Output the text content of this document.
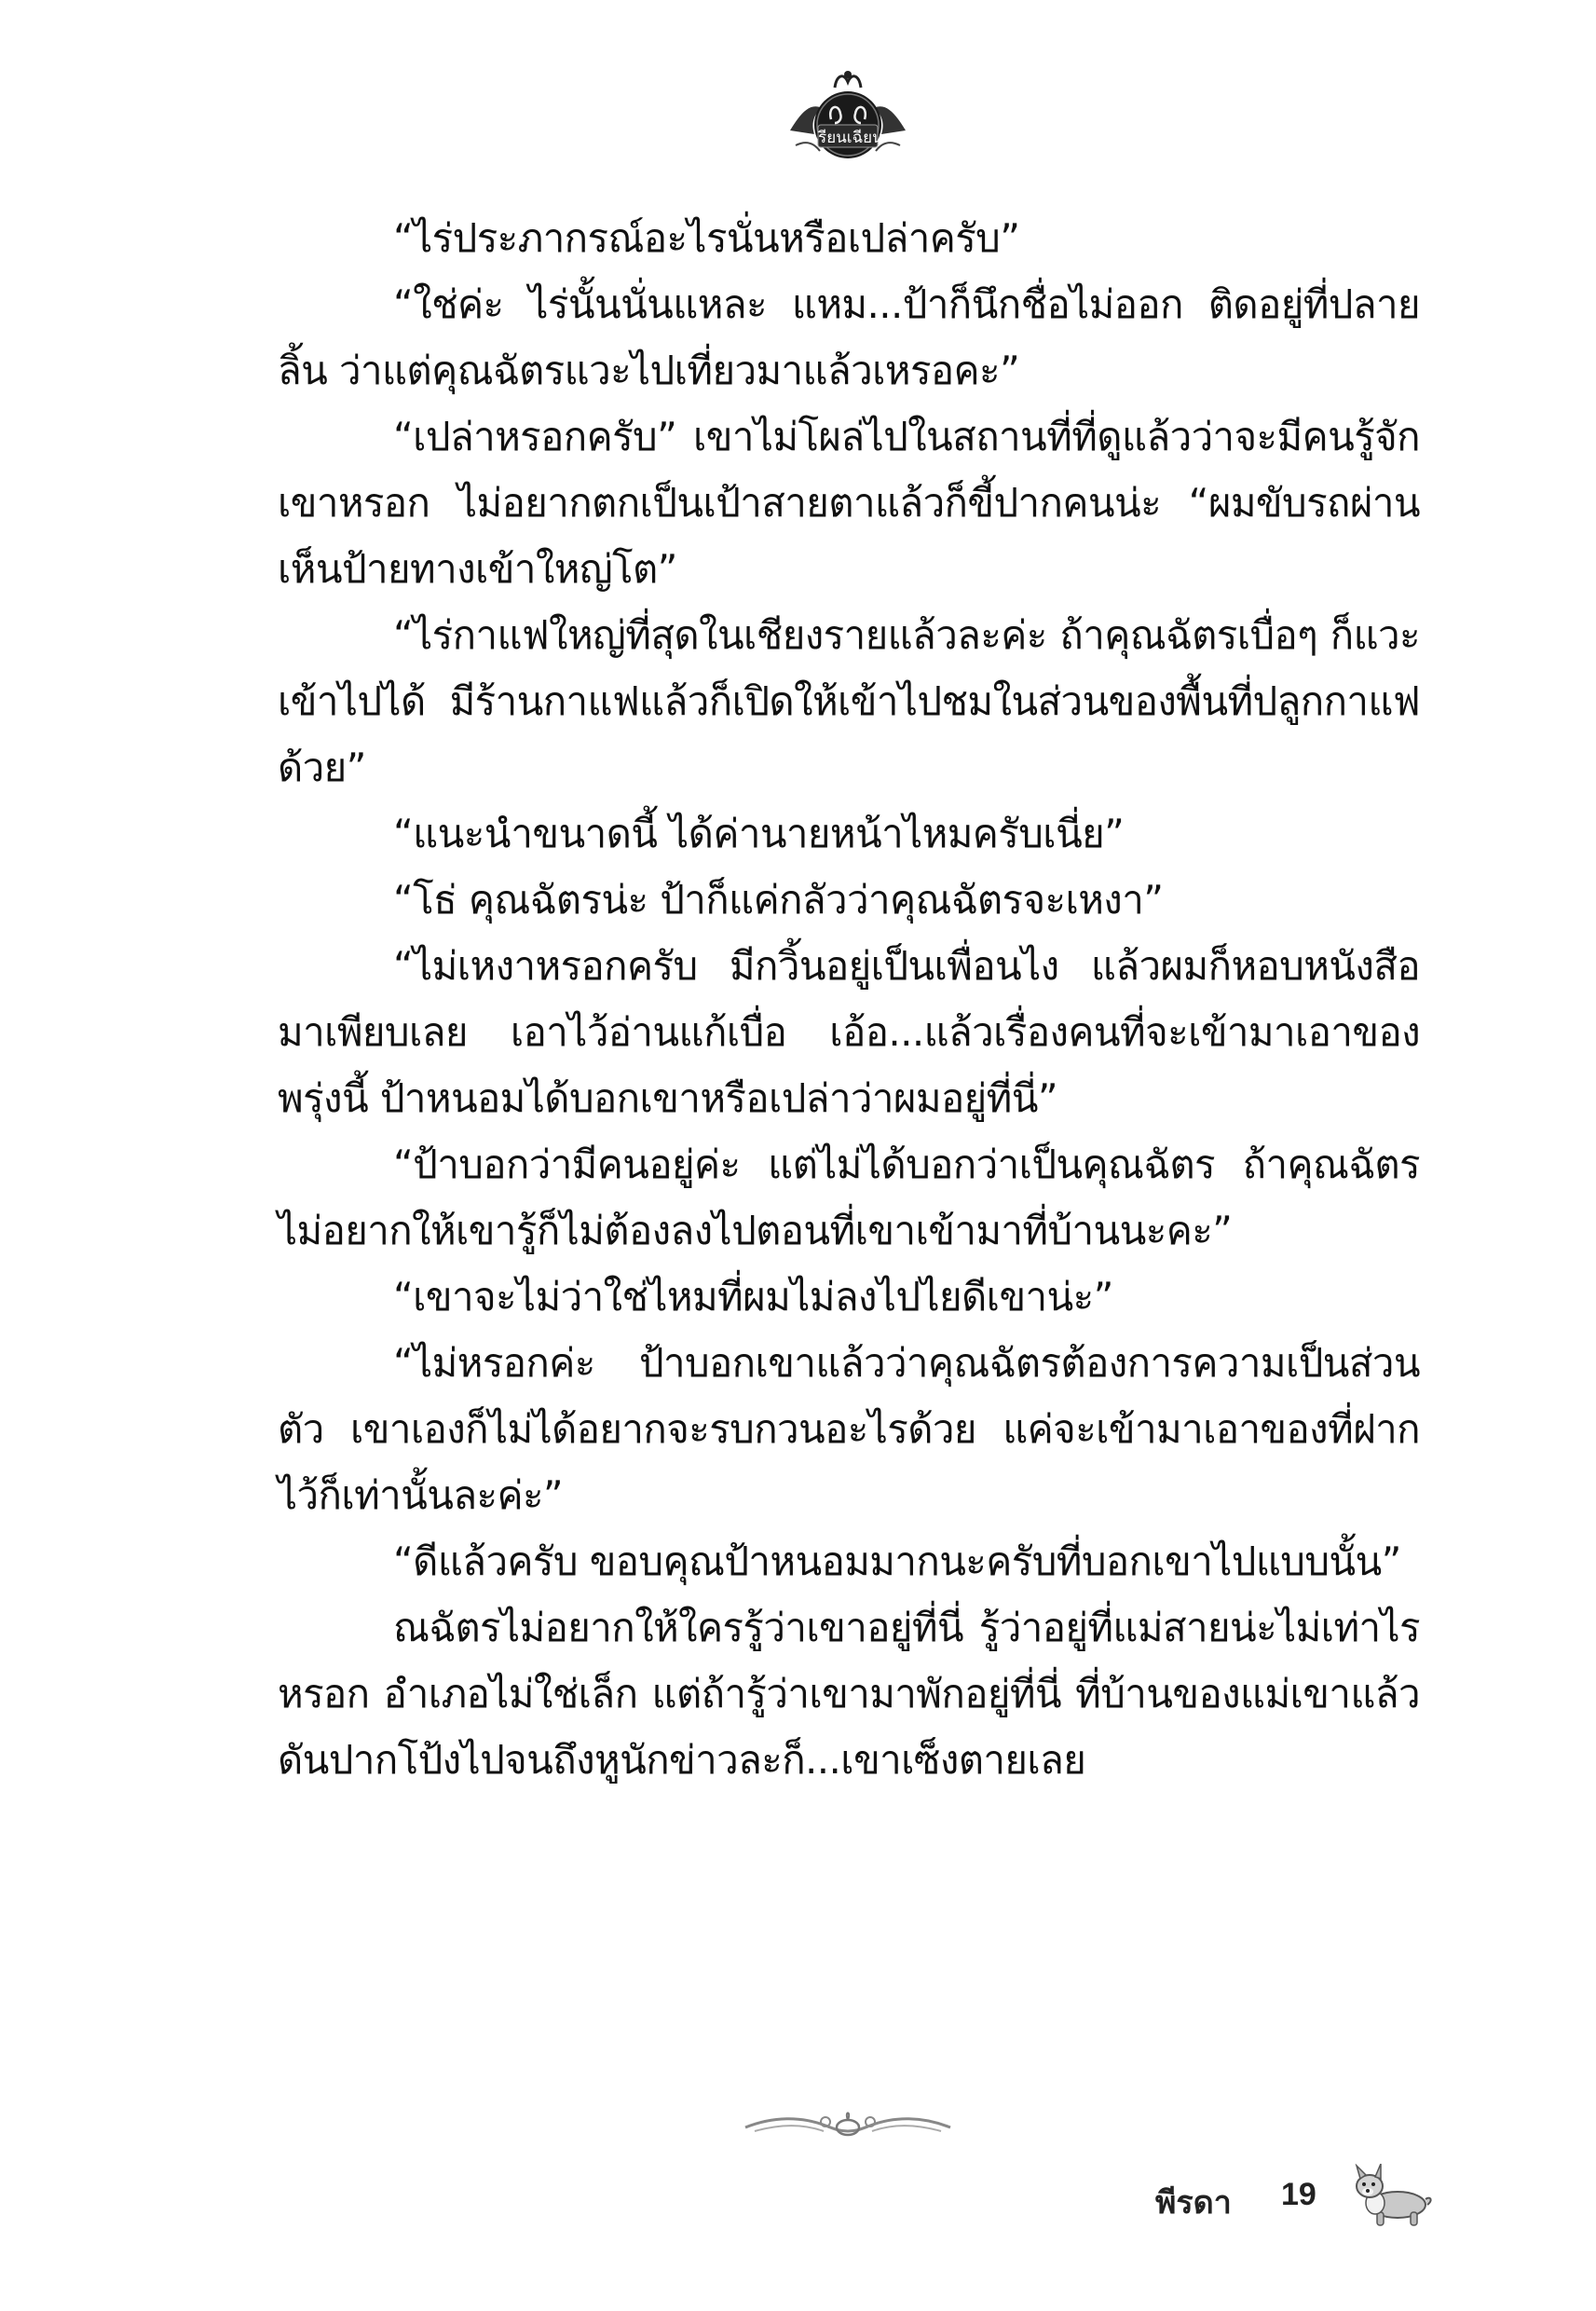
เรียนเฉียน

“ไร่ประภากรณ์อะไรนั่นหรือเปล่าครับ”

“ใช่ค่ะ ไร่นั้นนั่นแหละ แหม...ป้าก็นึกชื่อไม่ออก ติดอยู่ที่ปลายลิ้น ว่าแต่คุณฉัตรแวะไปเที่ยวมาแล้วเหรอคะ”

“เปล่าหรอกครับ” เขาไม่โผล่ไปในสถานที่ที่ดูแล้วว่าจะมีคนรู้จักเขาหรอก ไม่อยากตกเป็นเป้าสายตาแล้วก็ขี้ปากคนน่ะ “ผมขับรถผ่าน เห็นป้ายทางเข้าใหญ่โต”

“ไร่กาแฟใหญ่ที่สุดในเชียงรายแล้วละค่ะ ถ้าคุณฉัตรเบื่อๆ ก็แวะเข้าไปได้ มีร้านกาแฟแล้วก็เปิดให้เข้าไปชมในส่วนของพื้นที่ปลูกกาแฟด้วย”

“แนะนำขนาดนี้ ได้ค่านายหน้าไหมครับเนี่ย”

“โธ่ คุณฉัตรน่ะ ป้าก็แค่กลัวว่าคุณฉัตรจะเหงา”

“ไม่เหงาหรอกครับ มีกวิ้นอยู่เป็นเพื่อนไง แล้วผมก็หอบหนังสือมาเพียบเลย เอาไว้อ่านแก้เบื่อ เอ้อ...แล้วเรื่องคนที่จะเข้ามาเอาของพรุ่งนี้ ป้าหนอมได้บอกเขาหรือเปล่าว่าผมอยู่ที่นี่”

“ป้าบอกว่ามีคนอยู่ค่ะ แต่ไม่ได้บอกว่าเป็นคุณฉัตร ถ้าคุณฉัตรไม่อยากให้เขารู้ก็ไม่ต้องลงไปตอนที่เขาเข้ามาที่บ้านนะคะ”

“เขาจะไม่ว่าใช่ไหมที่ผมไม่ลงไปไยดีเขาน่ะ”

“ไม่หรอกค่ะ ป้าบอกเขาแล้วว่าคุณฉัตรต้องการความเป็นส่วนตัว เขาเองก็ไม่ได้อยากจะรบกวนอะไรด้วย แค่จะเข้ามาเอาของที่ฝากไว้ก็เท่านั้นละค่ะ”

“ดีแล้วครับ ขอบคุณป้าหนอมมากนะครับที่บอกเขาไปแบบนั้น”

ณฉัตรไม่อยากให้ใครรู้ว่าเขาอยู่ที่นี่ รู้ว่าอยู่ที่แม่สายน่ะไม่เท่าไรหรอก อำเภอไม่ใช่เล็ก แต่ถ้ารู้ว่าเขามาพักอยู่ที่นี่ ที่บ้านของแม่เขาแล้วดันปากโป้งไปจนถึงหูนักข่าวละก็...เขาเซ็งตายเลย

พีรดา 19
